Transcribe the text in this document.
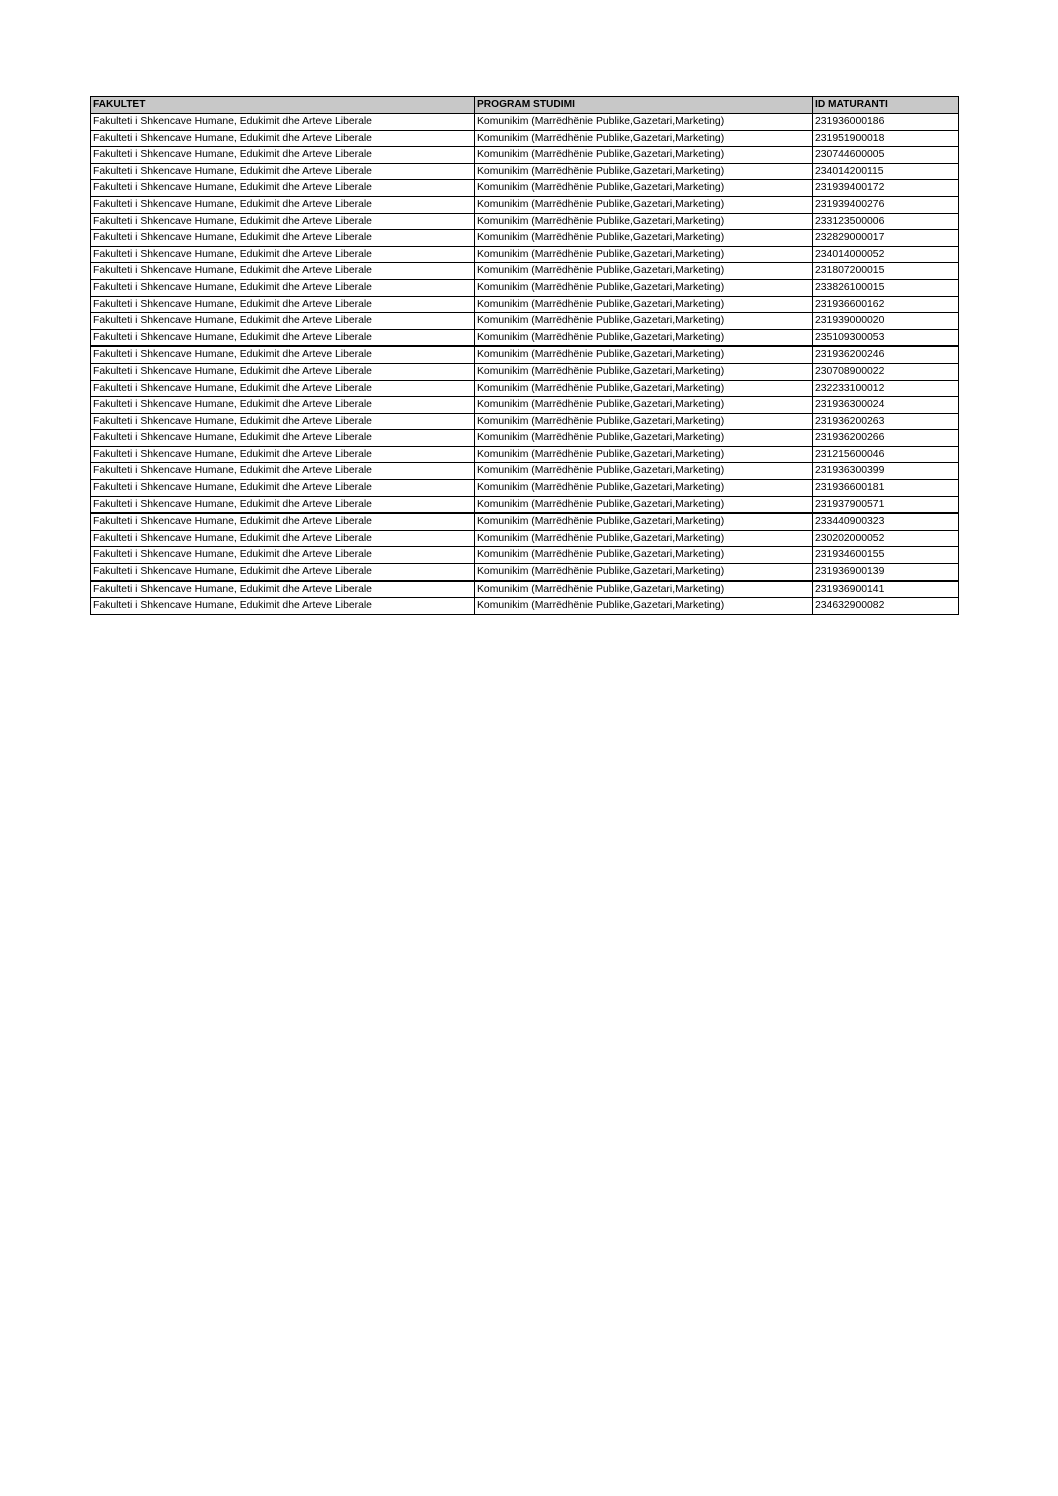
FAKULTET	PROGRAM STUDIMI	ID MATURANTI
Fakulteti i Shkencave Humane, Edukimit dhe Arteve Liberale	Komunikim (Marrëdhënie Publike,Gazetari,Marketing)	231936000186
Fakulteti i Shkencave Humane, Edukimit dhe Arteve Liberale	Komunikim (Marrëdhënie Publike,Gazetari,Marketing)	231951900018
Fakulteti i Shkencave Humane, Edukimit dhe Arteve Liberale	Komunikim (Marrëdhënie Publike,Gazetari,Marketing)	230744600005
Fakulteti i Shkencave Humane, Edukimit dhe Arteve Liberale	Komunikim (Marrëdhënie Publike,Gazetari,Marketing)	234014200115
Fakulteti i Shkencave Humane, Edukimit dhe Arteve Liberale	Komunikim (Marrëdhënie Publike,Gazetari,Marketing)	231939400172
Fakulteti i Shkencave Humane, Edukimit dhe Arteve Liberale	Komunikim (Marrëdhënie Publike,Gazetari,Marketing)	231939400276
Fakulteti i Shkencave Humane, Edukimit dhe Arteve Liberale	Komunikim (Marrëdhënie Publike,Gazetari,Marketing)	233123500006
Fakulteti i Shkencave Humane, Edukimit dhe Arteve Liberale	Komunikim (Marrëdhënie Publike,Gazetari,Marketing)	232829000017
Fakulteti i Shkencave Humane, Edukimit dhe Arteve Liberale	Komunikim (Marrëdhënie Publike,Gazetari,Marketing)	234014000052
Fakulteti i Shkencave Humane, Edukimit dhe Arteve Liberale	Komunikim (Marrëdhënie Publike,Gazetari,Marketing)	231807200015
Fakulteti i Shkencave Humane, Edukimit dhe Arteve Liberale	Komunikim (Marrëdhënie Publike,Gazetari,Marketing)	233826100015
Fakulteti i Shkencave Humane, Edukimit dhe Arteve Liberale	Komunikim (Marrëdhënie Publike,Gazetari,Marketing)	231936600162
Fakulteti i Shkencave Humane, Edukimit dhe Arteve Liberale	Komunikim (Marrëdhënie Publike,Gazetari,Marketing)	231939000020
Fakulteti i Shkencave Humane, Edukimit dhe Arteve Liberale	Komunikim (Marrëdhënie Publike,Gazetari,Marketing)	235109300053
Fakulteti i Shkencave Humane, Edukimit dhe Arteve Liberale	Komunikim (Marrëdhënie Publike,Gazetari,Marketing)	231936200246
Fakulteti i Shkencave Humane, Edukimit dhe Arteve Liberale	Komunikim (Marrëdhënie Publike,Gazetari,Marketing)	230708900022
Fakulteti i Shkencave Humane, Edukimit dhe Arteve Liberale	Komunikim (Marrëdhënie Publike,Gazetari,Marketing)	232233100012
Fakulteti i Shkencave Humane, Edukimit dhe Arteve Liberale	Komunikim (Marrëdhënie Publike,Gazetari,Marketing)	231936300024
Fakulteti i Shkencave Humane, Edukimit dhe Arteve Liberale	Komunikim (Marrëdhënie Publike,Gazetari,Marketing)	231936200263
Fakulteti i Shkencave Humane, Edukimit dhe Arteve Liberale	Komunikim (Marrëdhënie Publike,Gazetari,Marketing)	231936200266
Fakulteti i Shkencave Humane, Edukimit dhe Arteve Liberale	Komunikim (Marrëdhënie Publike,Gazetari,Marketing)	231215600046
Fakulteti i Shkencave Humane, Edukimit dhe Arteve Liberale	Komunikim (Marrëdhënie Publike,Gazetari,Marketing)	231936300399
Fakulteti i Shkencave Humane, Edukimit dhe Arteve Liberale	Komunikim (Marrëdhënie Publike,Gazetari,Marketing)	231936600181
Fakulteti i Shkencave Humane, Edukimit dhe Arteve Liberale	Komunikim (Marrëdhënie Publike,Gazetari,Marketing)	231937900571
Fakulteti i Shkencave Humane, Edukimit dhe Arteve Liberale	Komunikim (Marrëdhënie Publike,Gazetari,Marketing)	233440900323
Fakulteti i Shkencave Humane, Edukimit dhe Arteve Liberale	Komunikim (Marrëdhënie Publike,Gazetari,Marketing)	230202000052
Fakulteti i Shkencave Humane, Edukimit dhe Arteve Liberale	Komunikim (Marrëdhënie Publike,Gazetari,Marketing)	231934600155
Fakulteti i Shkencave Humane, Edukimit dhe Arteve Liberale	Komunikim (Marrëdhënie Publike,Gazetari,Marketing)	231936900139
Fakulteti i Shkencave Humane, Edukimit dhe Arteve Liberale	Komunikim (Marrëdhënie Publike,Gazetari,Marketing)	231936900141
Fakulteti i Shkencave Humane, Edukimit dhe Arteve Liberale	Komunikim (Marrëdhënie Publike,Gazetari,Marketing)	234632900082
